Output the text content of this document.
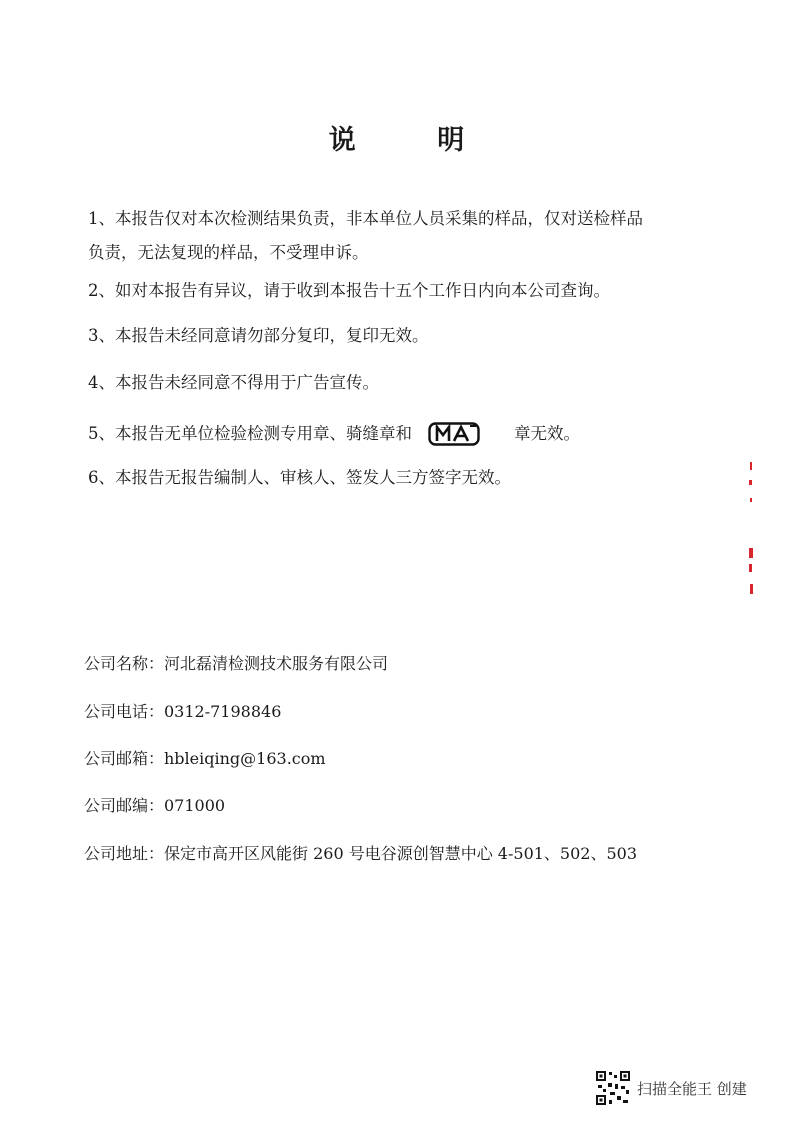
说 明
1、本报告仅对本次检测结果负责，非本单位人员采集的样品，仅对送检样品
负责，无法复现的样品，不受理申诉。
2、如对本报告有异议，请于收到本报告十五个工作日内向本公司查询。
3、本报告未经同意请勿部分复印，复印无效。
4、本报告未经同意不得用于广告宣传。
5、本报告无单位检验检测专用章、骑缝章和	章无效。
6、本报告无报告编制人、审核人、签发人三方签字无效。
公司名称：河北磊清检测技术服务有限公司
公司电话：0312-7198846
公司邮箱：hbleiqing@163.com
公司邮编：071000
公司地址：保定市高开区风能街 260 号电谷源创智慧中心 4-501、502、503
扫描全能王 创建
